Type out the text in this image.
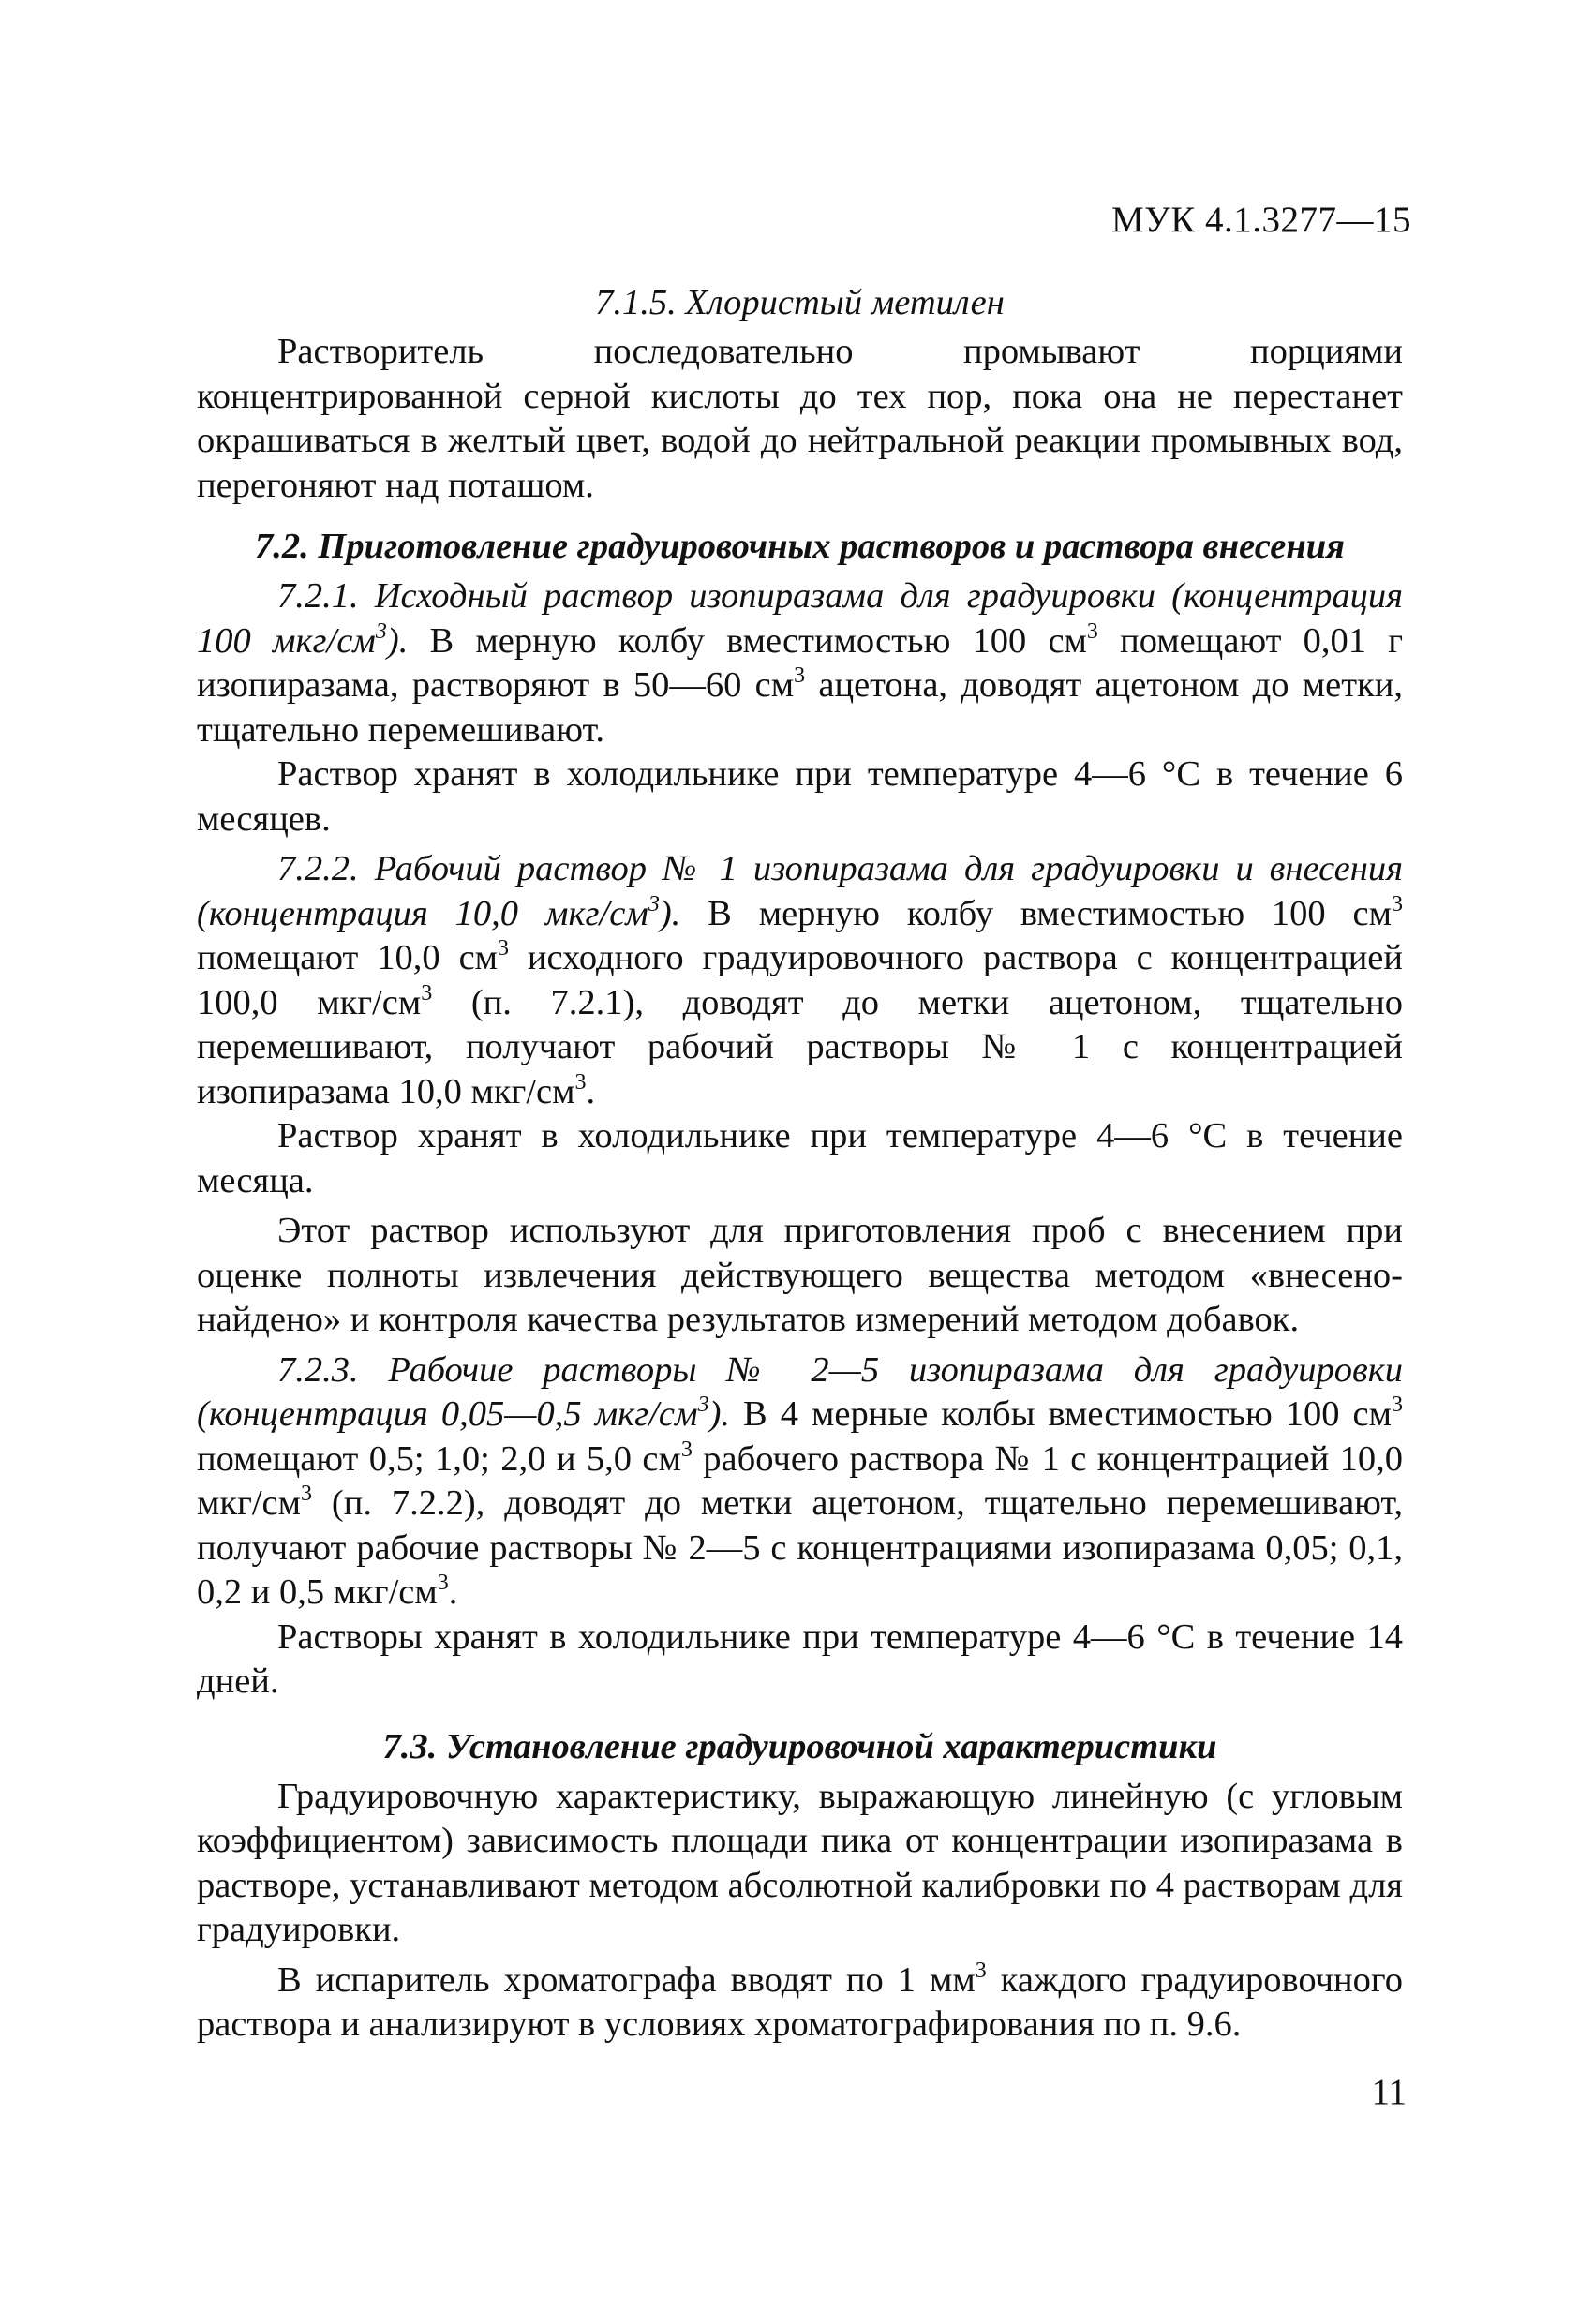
МУК 4.1.3277—15
7.1.5. Хлористый метилен

Растворитель последовательно промывают порциями концентрированной серной кислоты до тех пор, пока она не перестанет окрашиваться в желтый цвет, водой до нейтральной реакции промывных вод, перегоняют над поташом.

7.2. Приготовление градуировочных растворов и раствора внесения

7.2.1. Исходный раствор изопиразама для градуировки (концентрация 100 мкг/$см^3$). В мерную колбу вместимостью 100 $см^3$ помещают 0,01 г изопиразама, растворяют в 50—60 $см^3$ ацетона, доводят ацетоном до метки, тщательно перемешивают.

Раствор хранят в холодильнике при температуре 4—6 °С в течение 6 месяцев.

7.2.2. Рабочий раствор № 1 изопиразама для градуировки и внесения (концентрация 10,0 мкг/$см^3$). В мерную колбу вместимостью 100 $см^3$ помещают 10,0 $см^3$ исходного градуировочного раствора с концентрацией 100,0 мкг/$см^3$ (п. 7.2.1), доводят до метки ацетоном, тщательно перемешивают, получают рабочий растворы № 1 с концентрацией изопиразама 10,0 мкг/$см^3$.

Раствор хранят в холодильнике при температуре 4—6 °С в течение месяца.

Этот раствор используют для приготовления проб с внесением при оценке полноты извлечения действующего вещества методом «внесено-найдено» и контроля качества результатов измерений методом добавок.

7.2.3. Рабочие растворы № 2—5 изопиразама для градуировки (концентрация 0,05—0,5 мкг/$см^3$). В 4 мерные колбы вместимостью 100 $см^3$ помещают 0,5; 1,0; 2,0 и 5,0 $см^3$ рабочего раствора № 1 с концентрацией 10,0 мкг/$см^3$ (п. 7.2.2), доводят до метки ацетоном, тщательно перемешивают, получают рабочие растворы № 2—5 с концентрациями изопиразама 0,05; 0,1, 0,2 и 0,5 мкг/$см^3$.

Растворы хранят в холодильнике при температуре 4—6 °С в течение 14 дней.

7.3. Установление градуировочной характеристики

Градуировочную характеристику, выражающую линейную (с угловым коэффициентом) зависимость площади пика от концентрации изопиразама в растворе, устанавливают методом абсолютной калибровки по 4 растворам для градуировки.

В испаритель хроматографа вводят по 1 $мм^3$ каждого градуировочного раствора и анализируют в условиях хроматографирования по п. 9.6.

11
